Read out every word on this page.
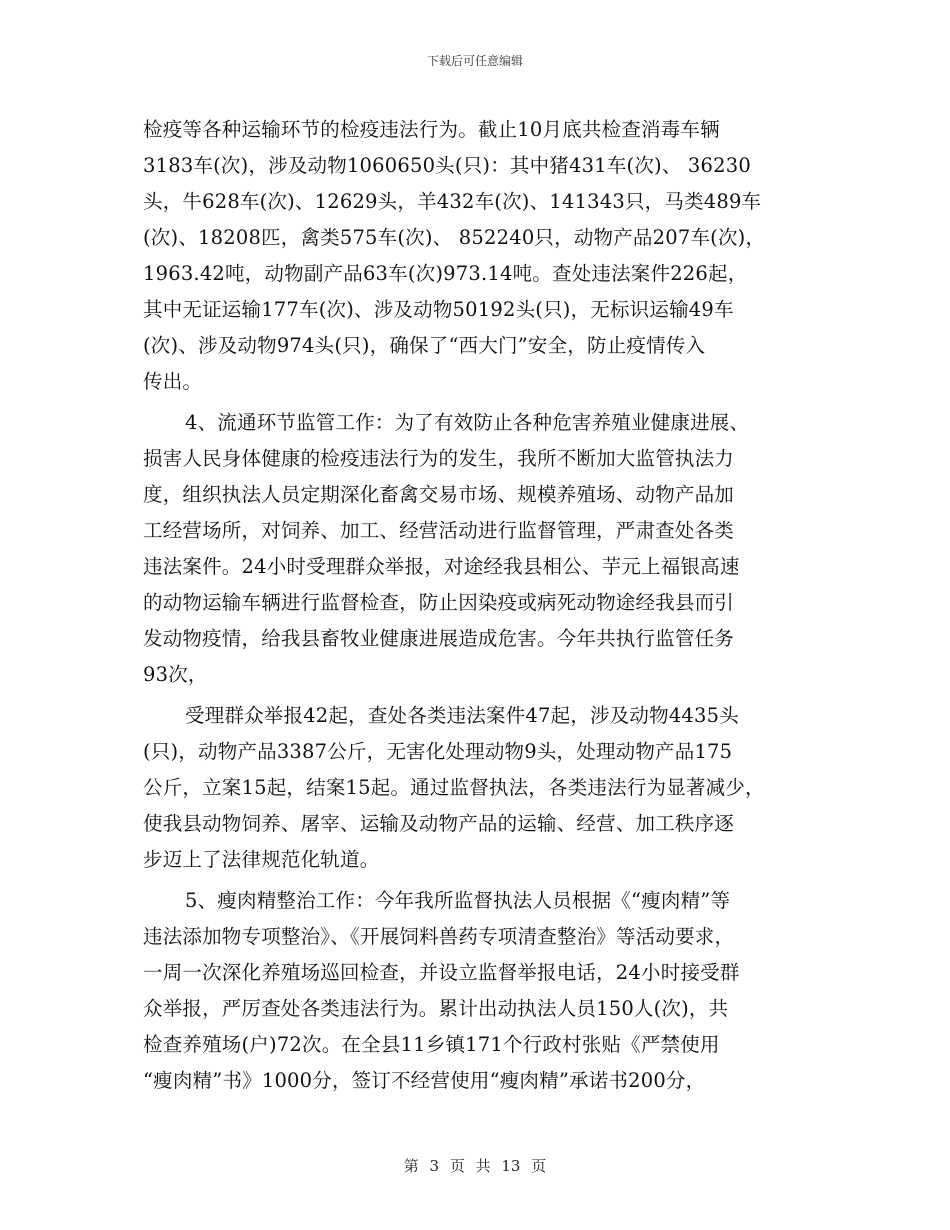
下载后可任意编辑
检疫等各种运输环节的检疫违法行为。截止10月底共检查消毒车辆
3183车(次)，涉及动物1060650头(只)：其中猪431车(次)、 36230
头，牛628车(次)、12629头，羊432车(次)、141343只，马类489车
(次)、18208匹，禽类575车(次)、 852240只，动物产品207车(次)，
1963.42吨，动物副产品63车(次)973.14吨。查处违法案件226起，
其中无证运输177车(次)、涉及动物50192头(只)，无标识运输49车
(次)、涉及动物974头(只)，确保了“西大门”安全，防止疫情传入
传出。
4、流通环节监管工作：为了有效防止各种危害养殖业健康进展、
损害人民身体健康的检疫违法行为的发生，我所不断加大监管执法力
度，组织执法人员定期深化畜禽交易市场、规模养殖场、动物产品加
工经营场所，对饲养、加工、经营活动进行监督管理，严肃查处各类
违法案件。24小时受理群众举报，对途经我县相公、芋元上福银高速
的动物运输车辆进行监督检查，防止因染疫或病死动物途经我县而引
发动物疫情，给我县畜牧业健康进展造成危害。今年共执行监管任务
93次，
受理群众举报42起，查处各类违法案件47起，涉及动物4435头
(只)，动物产品3387公斤，无害化处理动物9头，处理动物产品175
公斤，立案15起，结案15起。通过监督执法，各类违法行为显著减少，
使我县动物饲养、屠宰、运输及动物产品的运输、经营、加工秩序逐
步迈上了法律规范化轨道。
5、瘦肉精整治工作：今年我所监督执法人员根据《“瘦肉精”等
违法添加物专项整治》、《开展饲料兽药专项清查整治》等活动要求，
一周一次深化养殖场巡回检查，并设立监督举报电话，24小时接受群
众举报，严厉查处各类违法行为。累计出动执法人员150人(次)，共
检查养殖场(户)72次。在全县11乡镇171个行政村张贴《严禁使用
“瘦肉精”书》1000分，签订不经营使用“瘦肉精”承诺书200分，
第 3 页 共 13 页
